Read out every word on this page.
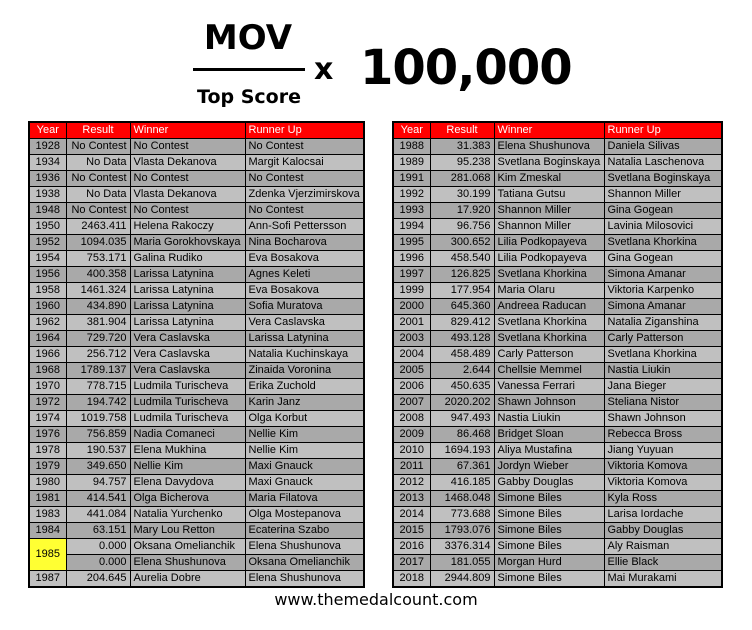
MOV
Top Score
x 100,000
Year	Result	Winner	Runner Up
1928	No Contest	No Contest	No Contest
1934	No Data	Vlasta Dekanova	Margit Kalocsai
1936	No Contest	No Contest	No Contest
1938	No Data	Vlasta Dekanova	Zdenka Vjerzimirskova
1948	No Contest	No Contest	No Contest
1950	2463.411	Helena Rakoczy	Ann-Sofi Pettersson
1952	1094.035	Maria Gorokhovskaya	Nina Bocharova
1954	753.171	Galina Rudiko	Eva Bosakova
1956	400.358	Larissa Latynina	Agnes Keleti
1958	1461.324	Larissa Latynina	Eva Bosakova
1960	434.890	Larissa Latynina	Sofia Muratova
1962	381.904	Larissa Latynina	Vera Caslavska
1964	729.720	Vera Caslavska	Larissa Latynina
1966	256.712	Vera Caslavska	Natalia Kuchinskaya
1968	1789.137	Vera Caslavska	Zinaida Voronina
1970	778.715	Ludmila Turischeva	Erika Zuchold
1972	194.742	Ludmila Turischeva	Karin Janz
1974	1019.758	Ludmila Turischeva	Olga Korbut
1976	756.859	Nadia Comaneci	Nellie Kim
1978	190.537	Elena Mukhina	Nellie Kim
1979	349.650	Nellie Kim	Maxi Gnauck
1980	94.757	Elena Davydova	Maxi Gnauck
1981	414.541	Olga Bicherova	Maria Filatova
1983	441.084	Natalia Yurchenko	Olga Mostepanova
1984	63.151	Mary Lou Retton	Ecaterina Szabo
1985	0.000	Oksana Omelianchik	Elena Shushunova
	0.000	Elena Shushunova	Oksana Omelianchik
1987	204.645	Aurelia Dobre	Elena Shushunova
Year	Result	Winner	Runner Up
1988	31.383	Elena Shushunova	Daniela Silivas
1989	95.238	Svetlana Boginskaya	Natalia Laschenova
1991	281.068	Kim Zmeskal	Svetlana Boginskaya
1992	30.199	Tatiana Gutsu	Shannon Miller
1993	17.920	Shannon Miller	Gina Gogean
1994	96.756	Shannon Miller	Lavinia Milosovici
1995	300.652	Lilia Podkopayeva	Svetlana Khorkina
1996	458.540	Lilia Podkopayeva	Gina Gogean
1997	126.825	Svetlana Khorkina	Simona Amanar
1999	177.954	Maria Olaru	Viktoria Karpenko
2000	645.360	Andreea Raducan	Simona Amanar
2001	829.412	Svetlana Khorkina	Natalia Ziganshina
2003	493.128	Svetlana Khorkina	Carly Patterson
2004	458.489	Carly Patterson	Svetlana Khorkina
2005	2.644	Chellsie Memmel	Nastia Liukin
2006	450.635	Vanessa Ferrari	Jana Bieger
2007	2020.202	Shawn Johnson	Steliana Nistor
2008	947.493	Nastia Liukin	Shawn Johnson
2009	86.468	Bridget Sloan	Rebecca Bross
2010	1694.193	Aliya Mustafina	Jiang Yuyuan
2011	67.361	Jordyn Wieber	Viktoria Komova
2012	416.185	Gabby Douglas	Viktoria Komova
2013	1468.048	Simone Biles	Kyla Ross
2014	773.688	Simone Biles	Larisa Iordache
2015	1793.076	Simone Biles	Gabby Douglas
2016	3376.314	Simone Biles	Aly Raisman
2017	181.055	Morgan Hurd	Ellie Black
2018	2944.809	Simone Biles	Mai Murakami
www.themedalcount.com
